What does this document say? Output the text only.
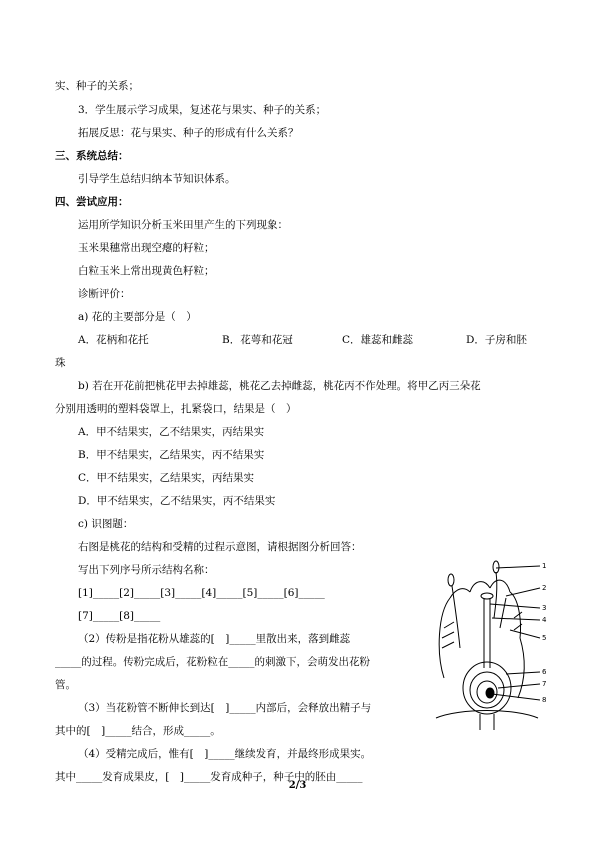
实、种子的关系；
3．学生展示学习成果，复述花与果实、种子的关系；
拓展反思：花与果实、种子的形成有什么关系？
三、系统总结：
引导学生总结归纳本节知识体系。
四、尝试应用：
运用所学知识分析玉米田里产生的下列现象：
玉米果穗常出现空瘪的籽粒；
白粒玉米上常出现黄色籽粒；
诊断评价：
a) 花的主要部分是（　）
A．花柄和花托	B．花萼和花冠	C．雄蕊和雌蕊	D．子房和胚
珠
b) 若在开花前把桃花甲去掉雄蕊，桃花乙去掉雌蕊，桃花丙不作处理。将甲乙丙三朵花
分别用透明的塑料袋罩上，扎紧袋口，结果是（　）
A．甲不结果实，乙不结果实，丙结果实
B．甲不结果实，乙结果实，丙不结果实
C．甲不结果实，乙结果实，丙结果实
D．甲不结果实，乙不结果实，丙不结果实
c) 识图题：
右图是桃花的结构和受精的过程示意图，请根据图分析回答：
写出下列序号所示结构名称：
[1]_____[2]_____[3]_____[4]_____[5]_____[6]_____
[7]_____[8]_____
（2）传粉是指花粉从雄蕊的[　]_____里散出来，落到雌蕊
_____的过程。传粉完成后，花粉粒在_____的刺激下，会萌发出花粉
管。
（3）当花粉管不断伸长到达[　]_____内部后，会释放出精子与
其中的[　]_____结合，形成_____。
（4）受精完成后，惟有[　]_____继续发育，并最终形成果实。
其中_____发育成果皮，[　]_____发育成种子，种子中的胚由_____
1
2
3
4
5
6
7
8
2/3
